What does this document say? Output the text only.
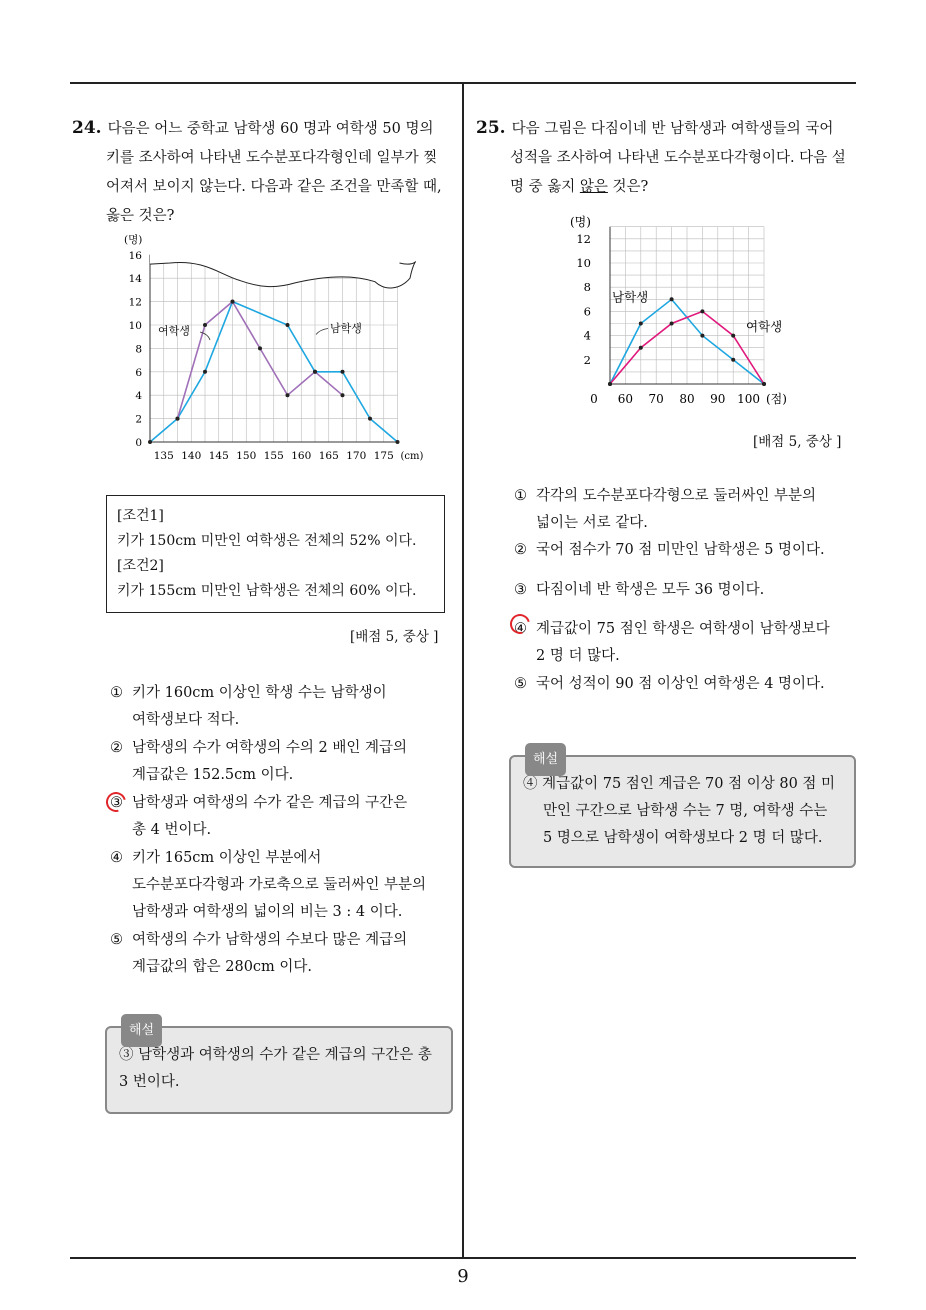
24. 다음은 어느 중학교 남학생 60 명과 여학생 50 명의
키를 조사하여 나타낸 도수분포다각형인데 일부가 찢
어져서 보이지 않는다. 다음과 같은 조건을 만족할 때,
옳은 것은?
0
2
4
6
8
10
12
14
16
135 140 145 150 155 160 165 170 175
(명)
(cm)
여학생	남학생
[조건1]
키가 150cm 미만인 여학생은 전체의 52% 이다.
[조건2]
키가 155cm 미만인 남학생은 전체의 60% 이다.
[배점 5, 중상 ]
① 키가 160cm 이상인 학생 수는 남학생이
여학생보다 적다.
② 남학생의 수가 여학생의 수의 2 배인 계급의
계급값은 152.5cm 이다.
③ 남학생과 여학생의 수가 같은 계급의 구간은
총 4 번이다.
④ 키가 165cm 이상인 부분에서
도수분포다각형과 가로축으로 둘러싸인 부분의
남학생과 여학생의 넓이의 비는 3 : 4 이다.
⑤ 여학생의 수가 남학생의 수보다 많은 계급의
계급값의 합은 280cm 이다.
해설
③ 남학생과 여학생의 수가 같은 계급의 구간은 총
3 번이다.
25. 다음 그림은 다짐이네 반 남학생과 여학생들의 국어
성적을 조사하여 나타낸 도수분포다각형이다. 다음 설
명 중 옳지 않은 것은?
2
4
6
8
10
12
0 60 70 80 90 100
(명)
(점)
남학생
여학생
[배점 5, 중상 ]
① 각각의 도수분포다각형으로 둘러싸인 부분의
넓이는 서로 같다.
② 국어 점수가 70 점 미만인 남학생은 5 명이다.
③ 다짐이네 반 학생은 모두 36 명이다.
④ 계급값이 75 점인 학생은 여학생이 남학생보다
2 명 더 많다.
⑤ 국어 성적이 90 점 이상인 여학생은 4 명이다.
해설
④ 계급값이 75 점인 계급은 70 점 이상 80 점 미
만인 구간으로 남학생 수는 7 명, 여학생 수는
5 명으로 남학생이 여학생보다 2 명 더 많다.
9
